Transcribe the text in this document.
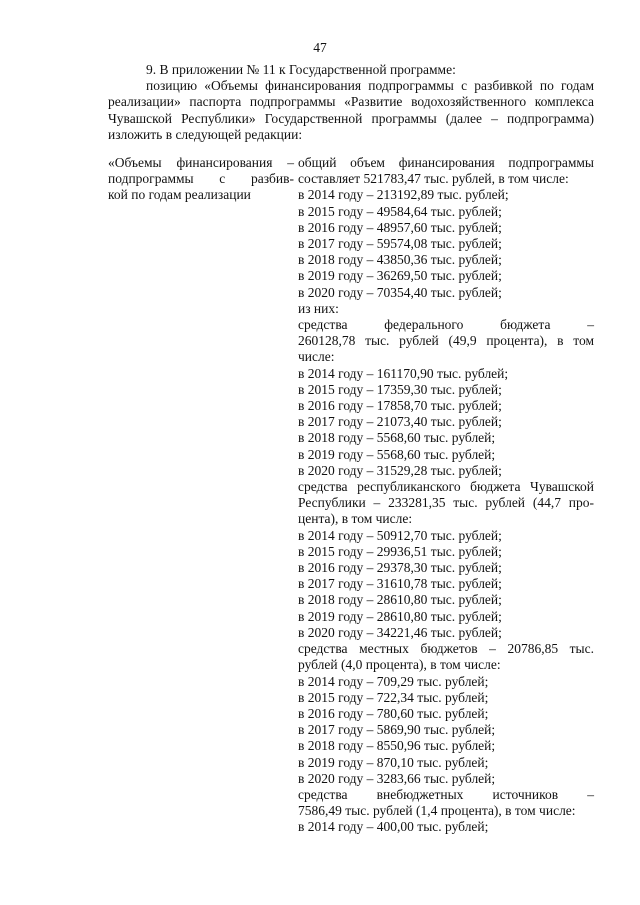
47

9. В приложении № 11 к Государственной программе:

позицию «Объемы финансирования подпрограммы с разбивкой по годам реализации» паспорта подпрограммы «Развитие водохозяйственного комплекса Чувашской Республики» Государственной программы (далее – подпрограмма) изложить в следующей редакции:

«Объемы финансирования –
подпрограммы с разбив-
кой по годам реализации
общий объем финансирования подпрограммы
составляет 521783,47 тыс. рублей, в том числе:
в 2014 году – 213192,89 тыс. рублей;
в 2015 году – 49584,64 тыс. рублей;
в 2016 году – 48957,60 тыс. рублей;
в 2017 году – 59574,08 тыс. рублей;
в 2018 году – 43850,36 тыс. рублей;
в 2019 году – 36269,50 тыс. рублей;
в 2020 году – 70354,40 тыс. рублей;
из них:
средства федерального бюджета –
260128,78 тыс. рублей (49,9 процента), в том
числе:
в 2014 году – 161170,90 тыс. рублей;
в 2015 году – 17359,30 тыс. рублей;
в 2016 году – 17858,70 тыс. рублей;
в 2017 году – 21073,40 тыс. рублей;
в 2018 году – 5568,60 тыс. рублей;
в 2019 году – 5568,60 тыс. рублей;
в 2020 году – 31529,28 тыс. рублей;
средства республиканского бюджета Чувашской
Республики – 233281,35 тыс. рублей (44,7 про-
цента), в том числе:
в 2014 году – 50912,70 тыс. рублей;
в 2015 году – 29936,51 тыс. рублей;
в 2016 году – 29378,30 тыс. рублей;
в 2017 году – 31610,78 тыс. рублей;
в 2018 году – 28610,80 тыс. рублей;
в 2019 году – 28610,80 тыс. рублей;
в 2020 году – 34221,46 тыс. рублей;
средства местных бюджетов – 20786,85 тыс.
рублей (4,0 процента), в том числе:
в 2014 году – 709,29 тыс. рублей;
в 2015 году – 722,34 тыс. рублей;
в 2016 году – 780,60 тыс. рублей;
в 2017 году – 5869,90 тыс. рублей;
в 2018 году – 8550,96 тыс. рублей;
в 2019 году – 870,10 тыс. рублей;
в 2020 году – 3283,66 тыс. рублей;
средства внебюджетных источников –
7586,49 тыс. рублей (1,4 процента), в том числе:
в 2014 году – 400,00 тыс. рублей;
